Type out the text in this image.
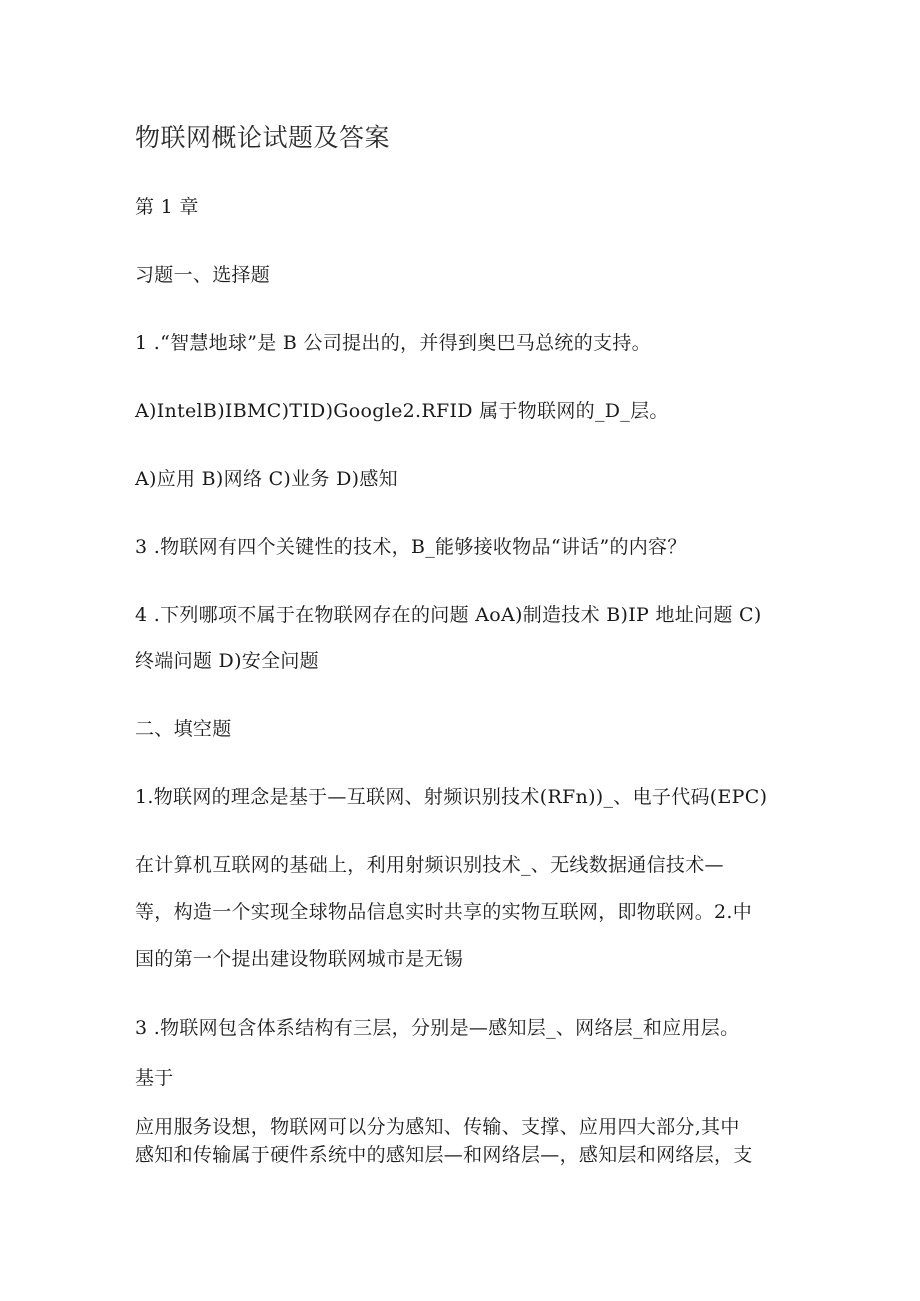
物联网概论试题及答案
第 1 章
习题一、选择题
1 .“智慧地球”是 B 公司提出的，并得到奥巴马总统的支持。
A)IntelB)IBMC)TID)Google2.RFID 属于物联网的_D_层。
A)应用 B)网络 C)业务 D)感知
3 .物联网有四个关键性的技术，B_能够接收物品“讲话”的内容？
4 .下列哪项不属于在物联网存在的问题 AoA)制造技术 B)IP 地址问题 C)
终端问题 D)安全问题
二、填空题
1.物联网的理念是基于—互联网、射频识别技术(RFn))_、电子代码(EPC)
在计算机互联网的基础上，利用射频识别技术_、无线数据通信技术—
等，构造一个实现全球物品信息实时共享的实物互联网，即物联网。2.中
国的第一个提出建设物联网城市是无锡
3 .物联网包含体系结构有三层，分别是—感知层_、网络层_和应用层。
基于
应用服务设想，物联网可以分为感知、传输、支撑、应用四大部分,其中
感知和传输属于硬件系统中的感知层—和网络层—，感知层和网络层，支
